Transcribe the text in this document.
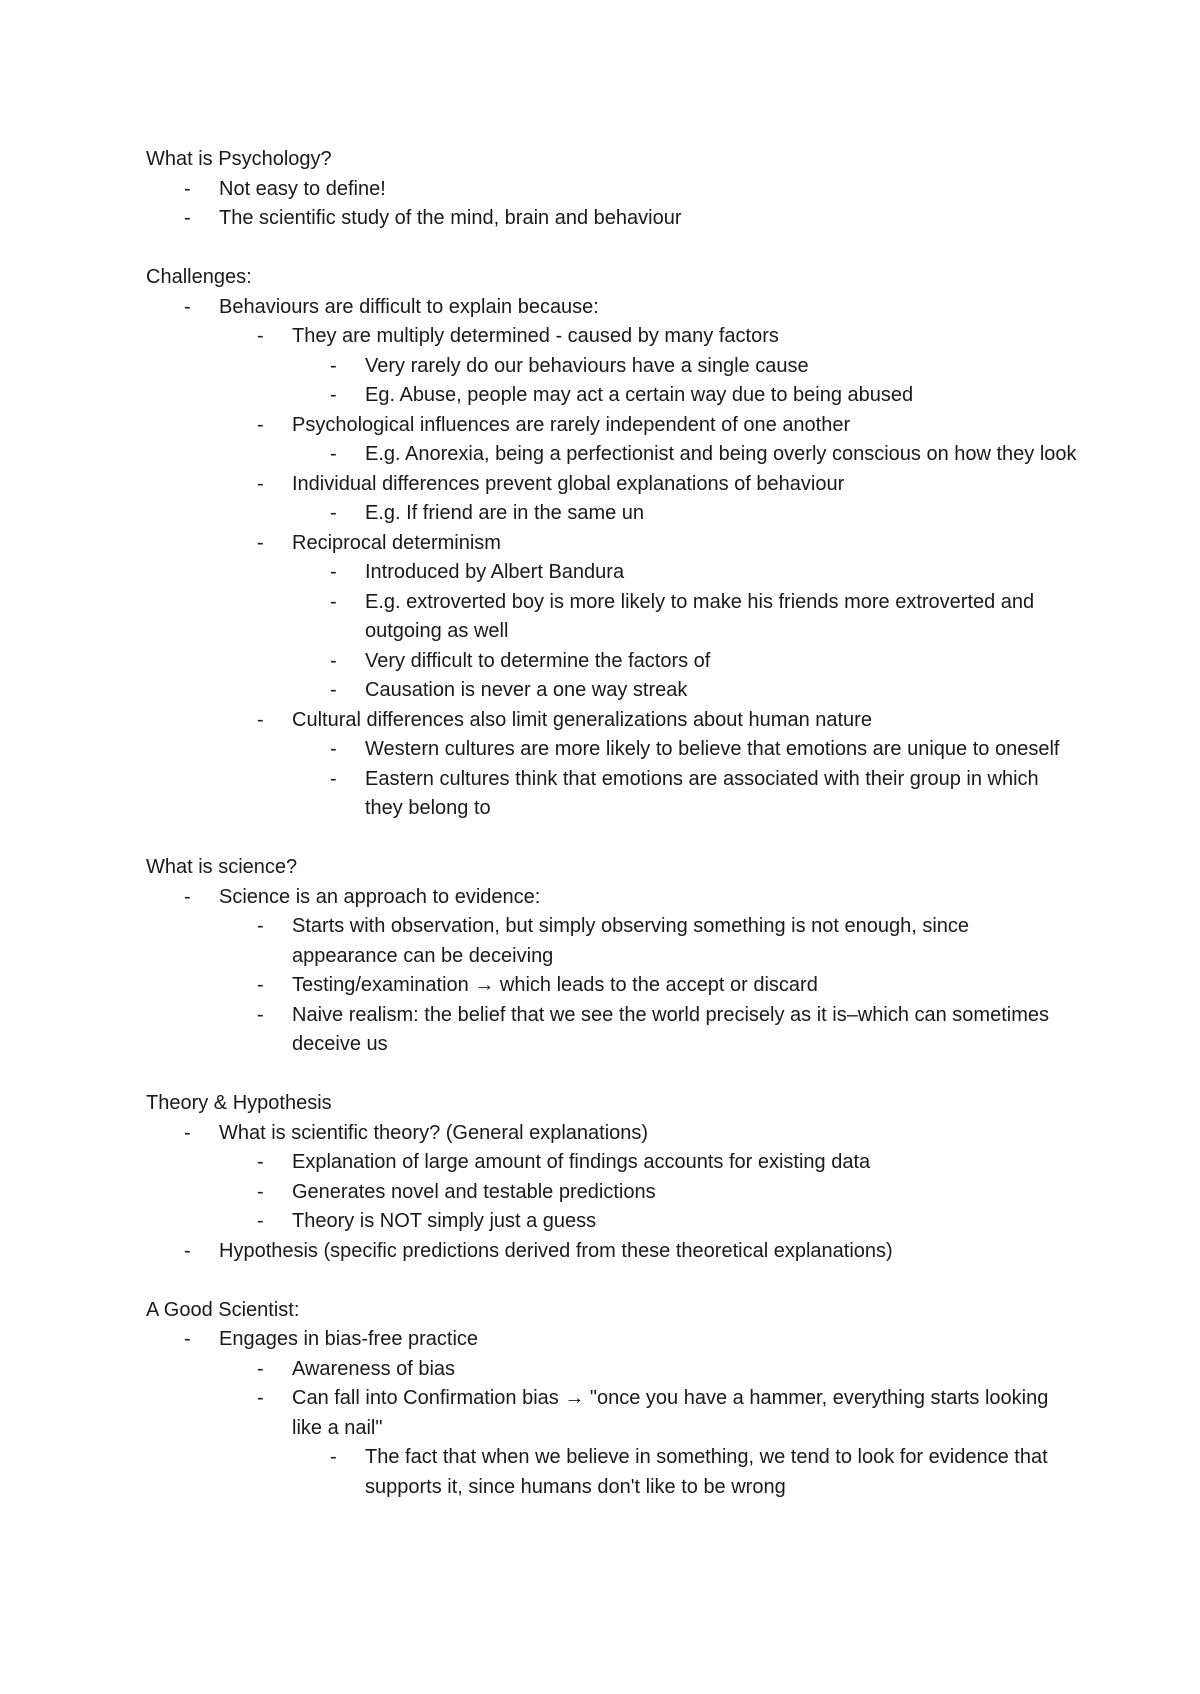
What is Psychology?

- Not easy to define!
- The scientific study of the mind, brain and behaviour

Challenges:

- Behaviours are difficult to explain because:
- They are multiply determined - caused by many factors
- Very rarely do our behaviours have a single cause
- Eg. Abuse, people may act a certain way due to being abused
- Psychological influences are rarely independent of one another
- E.g. Anorexia, being a perfectionist and being overly conscious on how they look
- Individual differences prevent global explanations of behaviour
- E.g. If friend are in the same un
- Reciprocal determinism
- Introduced by Albert Bandura
- E.g. extroverted boy is more likely to make his friends more extroverted and outgoing as well
- Very difficult to determine the factors of
- Causation is never a one way streak
- Cultural differences also limit generalizations about human nature
- Western cultures are more likely to believe that emotions are unique to oneself
- Eastern cultures think that emotions are associated with their group in which they belong to

What is science?

- Science is an approach to evidence:
- Starts with observation, but simply observing something is not enough, since appearance can be deceiving
- Testing/examination → which leads to the accept or discard
- Naive realism: the belief that we see the world precisely as it is–which can sometimes deceive us

Theory & Hypothesis

- What is scientific theory? (General explanations)
- Explanation of large amount of findings accounts for existing data
- Generates novel and testable predictions
- Theory is NOT simply just a guess
- Hypothesis (specific predictions derived from these theoretical explanations)

A Good Scientist:

- Engages in bias-free practice
- Awareness of bias
- Can fall into Confirmation bias → "once you have a hammer, everything starts looking like a nail"
- The fact that when we believe in something, we tend to look for evidence that supports it, since humans don't like to be wrong
